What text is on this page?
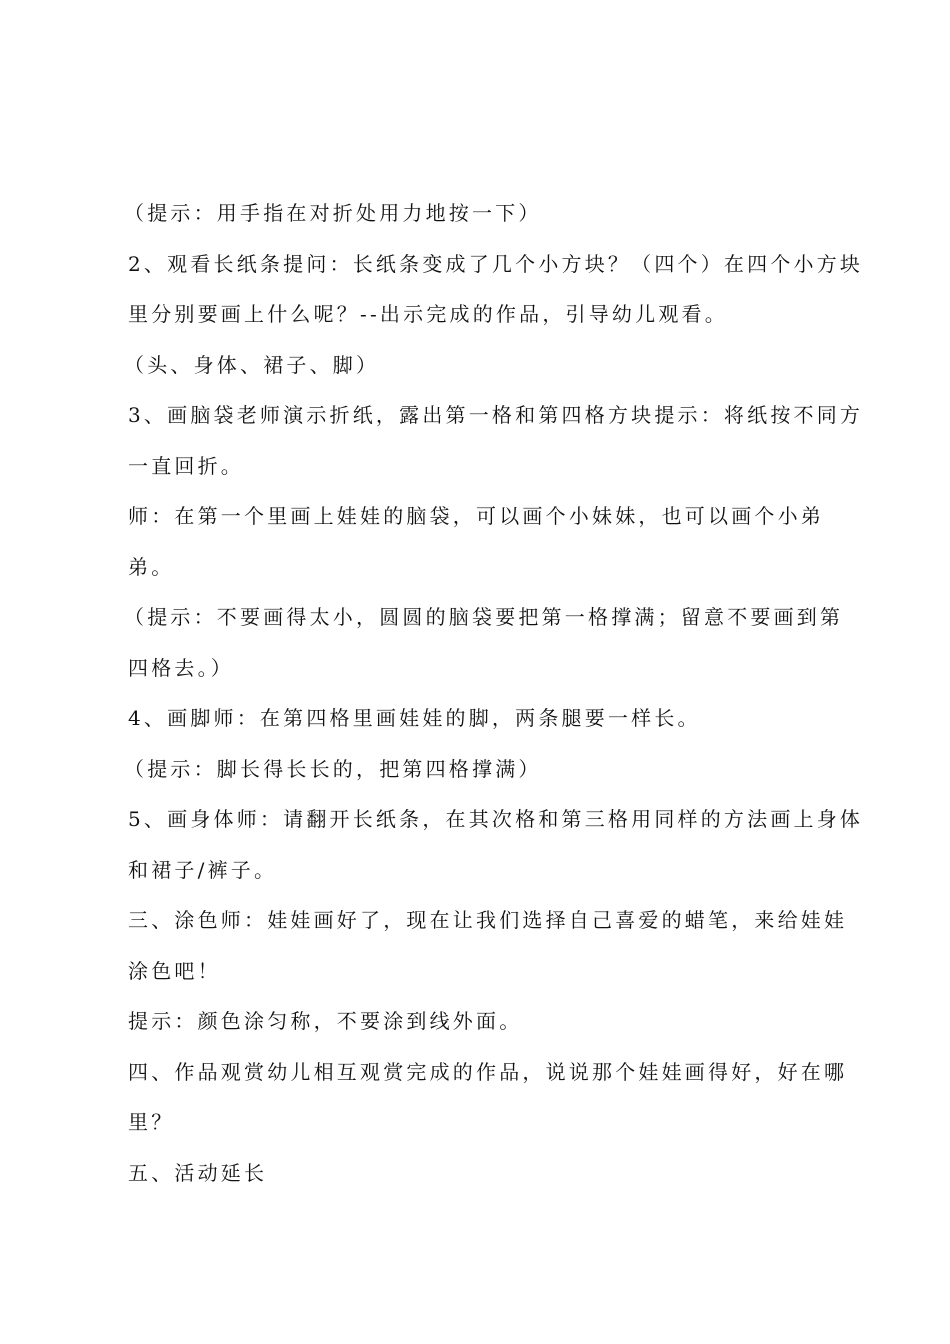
（提示：用手指在对折处用力地按一下）

2、观看长纸条提问：长纸条变成了几个小方块？（四个）在四个小方块
里分别要画上什么呢？--出示完成的作品，引导幼儿观看。

（头、身体、裙子、脚）

3、画脑袋老师演示折纸，露出第一格和第四格方块提示：将纸按不同方
一直回折。

师：在第一个里画上娃娃的脑袋，可以画个小妹妹，也可以画个小弟
弟。

（提示：不要画得太小，圆圆的脑袋要把第一格撑满；留意不要画到第
四格去。）

4、画脚师：在第四格里画娃娃的脚，两条腿要一样长。

（提示：脚长得长长的，把第四格撑满）

5、画身体师：请翻开长纸条，在其次格和第三格用同样的方法画上身体
和裙子/裤子。

三、涂色师：娃娃画好了，现在让我们选择自己喜爱的蜡笔，来给娃娃
涂色吧！

提示：颜色涂匀称，不要涂到线外面。

四、作品观赏幼儿相互观赏完成的作品，说说那个娃娃画得好，好在哪
里？

五、活动延长
